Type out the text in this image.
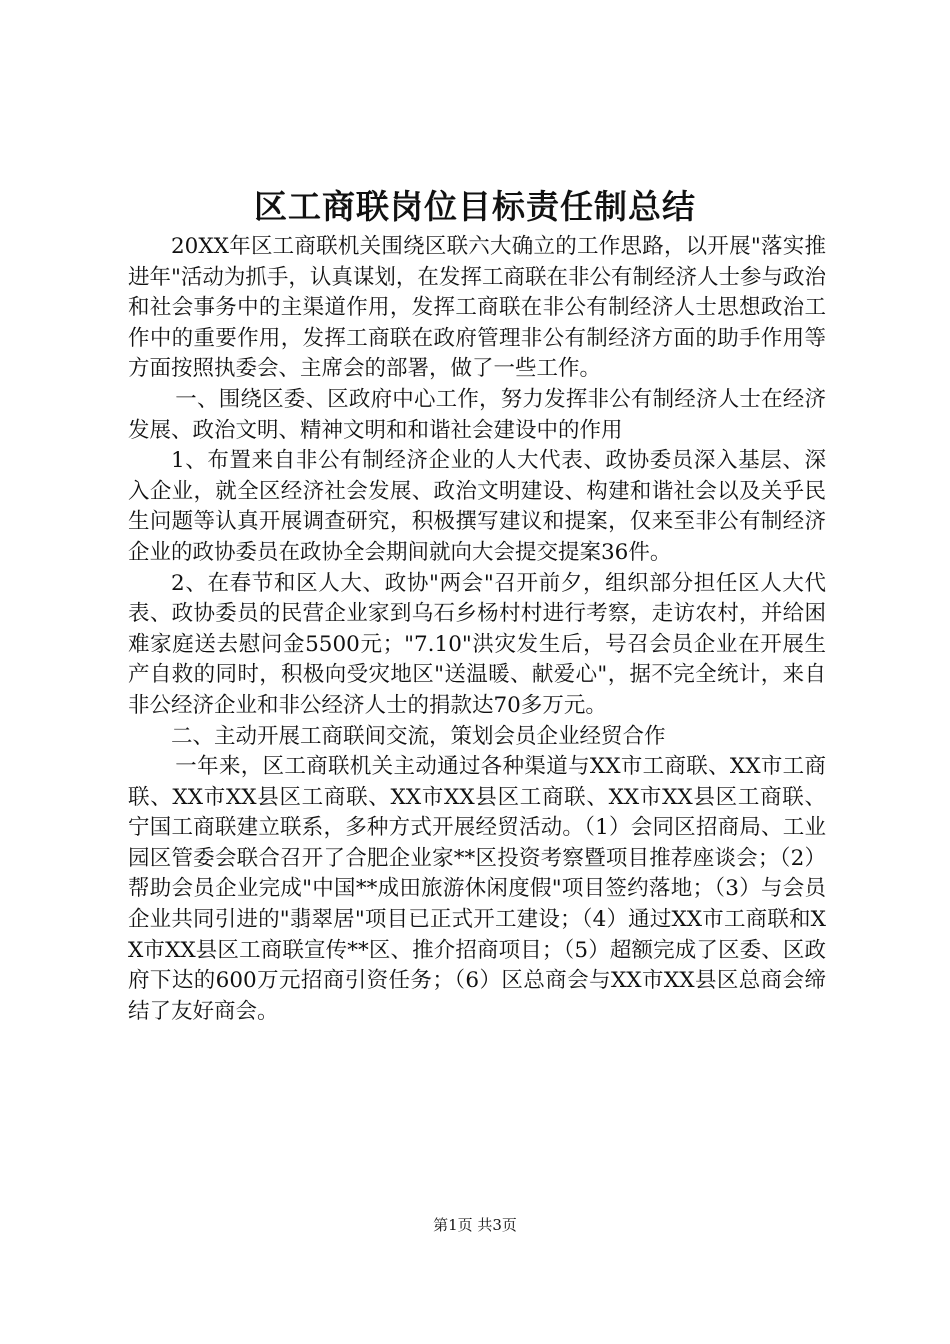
区工商联岗位目标责任制总结

20XX年区工商联机关围绕区联六大确立的工作思路，以开展"落实推进年"活动为抓手，认真谋划，在发挥工商联在非公有制经济人士参与政治和社会事务中的主渠道作用，发挥工商联在非公有制经济人士思想政治工作中的重要作用，发挥工商联在政府管理非公有制经济方面的助手作用等方面按照执委会、主席会的部署，做了一些工作。

一、围绕区委、区政府中心工作，努力发挥非公有制经济人士在经济发展、政治文明、精神文明和和谐社会建设中的作用

1、布置来自非公有制经济企业的人大代表、政协委员深入基层、深入企业，就全区经济社会发展、政治文明建设、构建和谐社会以及关乎民生问题等认真开展调查研究，积极撰写建议和提案，仅来至非公有制经济企业的政协委员在政协全会期间就向大会提交提案36件。

2、在春节和区人大、政协"两会"召开前夕，组织部分担任区人大代表、政协委员的民营企业家到乌石乡杨村村进行考察，走访农村，并给困难家庭送去慰问金5500元；"7.10"洪灾发生后，号召会员企业在开展生产自救的同时，积极向受灾地区"送温暖、献爱心"，据不完全统计，来自非公经济企业和非公经济人士的捐款达70多万元。

二、主动开展工商联间交流，策划会员企业经贸合作

一年来，区工商联机关主动通过各种渠道与XX市工商联、XX市工商联、XX市XX县区工商联、XX市XX县区工商联、XX市XX县区工商联、宁国工商联建立联系，多种方式开展经贸活动。（1）会同区招商局、工业园区管委会联合召开了合肥企业家**区投资考察暨项目推荐座谈会；（2）帮助会员企业完成"中国**成田旅游休闲度假"项目签约落地；（3）与会员企业共同引进的"翡翠居"项目已正式开工建设；（4）通过XX市工商联和XX市XX县区工商联宣传**区、推介招商项目；（5）超额完成了区委、区政府下达的600万元招商引资任务；（6）区总商会与XX市XX县区总商会缔结了友好商会。

第1页 共3页
